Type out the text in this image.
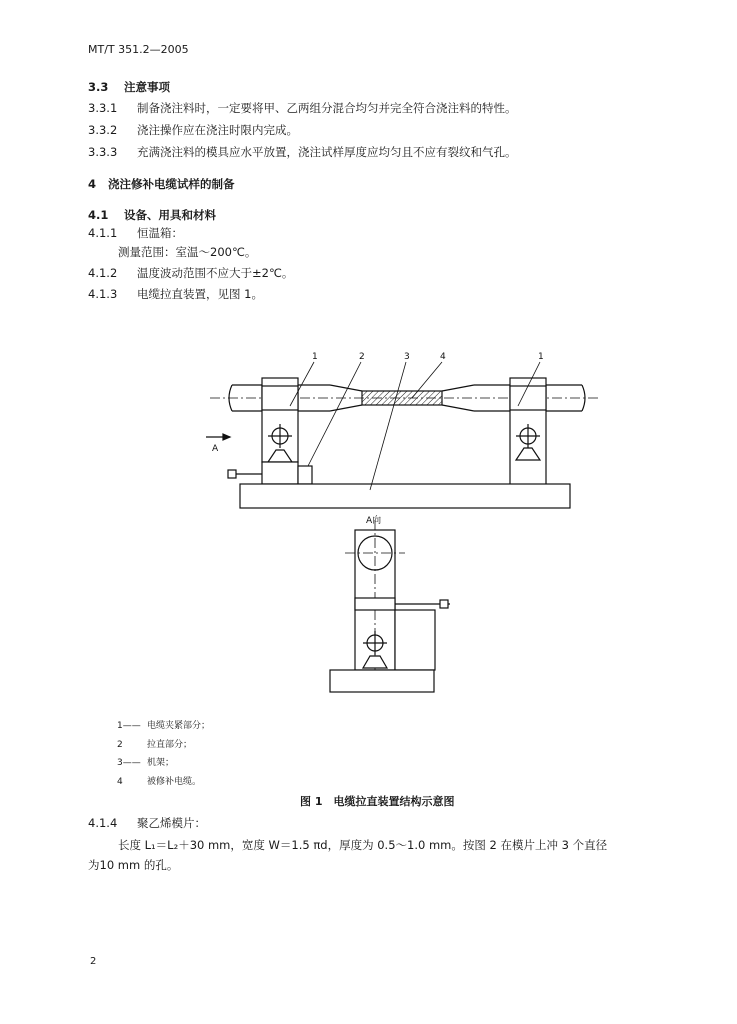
MT/T 351.2—2005
3.3 注意事项
3.3.1 制备浇注料时，一定要将甲、乙两组分混合均匀并完全符合浇注料的特性。
3.3.2 浇注操作应在浇注时限内完成。
3.3.3 充满浇注料的模具应水平放置，浇注试样厚度应均匀且不应有裂纹和气孔。
4 浇注修补电缆试样的制备
4.1 设备、用具和材料
4.1.1 恒温箱：
测量范围：室温～200℃。
4.1.2 温度波动范围不应大于±2℃。
4.1.3 电缆拉直装置，见图 1。
1	2	3	4	1
A
A向
1—— 电缆夹紧部分；
2	拉直部分；
3—— 机架；
4	被修补电缆。
图 1　电缆拉直装置结构示意图
4.1.4 聚乙烯模片：
长度 L₁＝L₂＋30 mm，宽度 W＝1.5 πd，厚度为 0.5～1.0 mm。按图 2 在模片上冲 3 个直径
为10 mm 的孔。
2
